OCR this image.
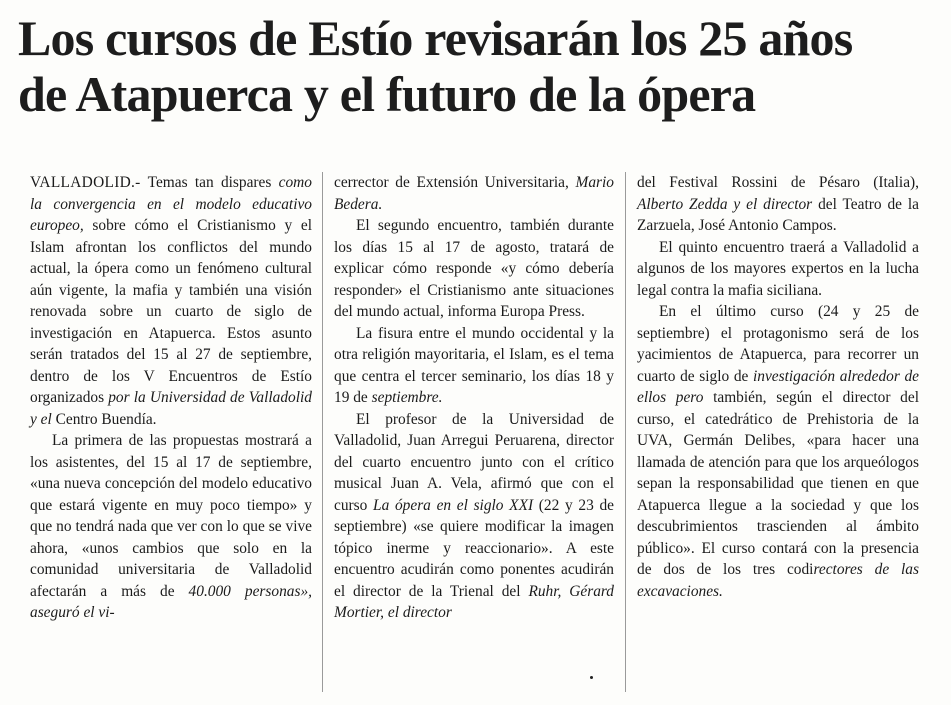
Los cursos de Estío revisarán los 25 años
de Atapuerca y el futuro de la ópera

VALLADOLID.- Temas tan dispares como la convergencia en el modelo educativo europeo, sobre cómo el Cristianismo y el Islam afrontan los conflictos del mundo actual, la ópera como un fenómeno cultural aún vigente, la mafia y también una visión renovada sobre un cuarto de siglo de investigación en Atapuerca. Estos asunto serán tratados del 15 al 27 de septiembre, dentro de los V Encuentros de Estío organizados por la Universidad de Valladolid y el Centro Buendía.

La primera de las propuestas mostrará a los asistentes, del 15 al 17 de septiembre, «una nueva concepción del modelo educativo que estará vigente en muy poco tiempo» y que no tendrá nada que ver con lo que se vive ahora, «unos cambios que solo en la comunidad universitaria de Valladolid afectarán a más de 40.000 personas», aseguró el vi-

cerrector de Extensión Universitaria, Mario Bedera.

El segundo encuentro, también durante los días 15 al 17 de agosto, tratará de explicar cómo responde «y cómo debería responder» el Cristianismo ante situaciones del mundo actual, informa Europa Press.

La fisura entre el mundo occidental y la otra religión mayoritaria, el Islam, es el tema que centra el tercer seminario, los días 18 y 19 de septiembre.

El profesor de la Universidad de Valladolid, Juan Arregui Peruarena, director del cuarto encuentro junto con el crítico musical Juan A. Vela, afirmó que con el curso La ópera en el siglo XXI (22 y 23 de septiembre) «se quiere modificar la imagen tópico inerme y reaccionario». A este encuentro acudirán como ponentes acudirán el director de la Trienal del Ruhr, Gérard Mortier, el director

del Festival Rossini de Pésaro (Italia), Alberto Zedda y el director del Teatro de la Zarzuela, José Antonio Campos.

El quinto encuentro traerá a Valladolid a algunos de los mayores expertos en la lucha legal contra la mafia siciliana.

En el último curso (24 y 25 de septiembre) el protagonismo será de los yacimientos de Atapuerca, para recorrer un cuarto de siglo de investigación alrededor de ellos pero también, según el director del curso, el catedrático de Prehistoria de la UVA, Germán Delibes, «para hacer una llamada de atención para que los arqueólogos sepan la responsabilidad que tienen en que Atapuerca llegue a la sociedad y que los descubrimientos trascienden al ámbito público». El curso contará con la presencia de dos de los tres codirectores de las excavaciones.
